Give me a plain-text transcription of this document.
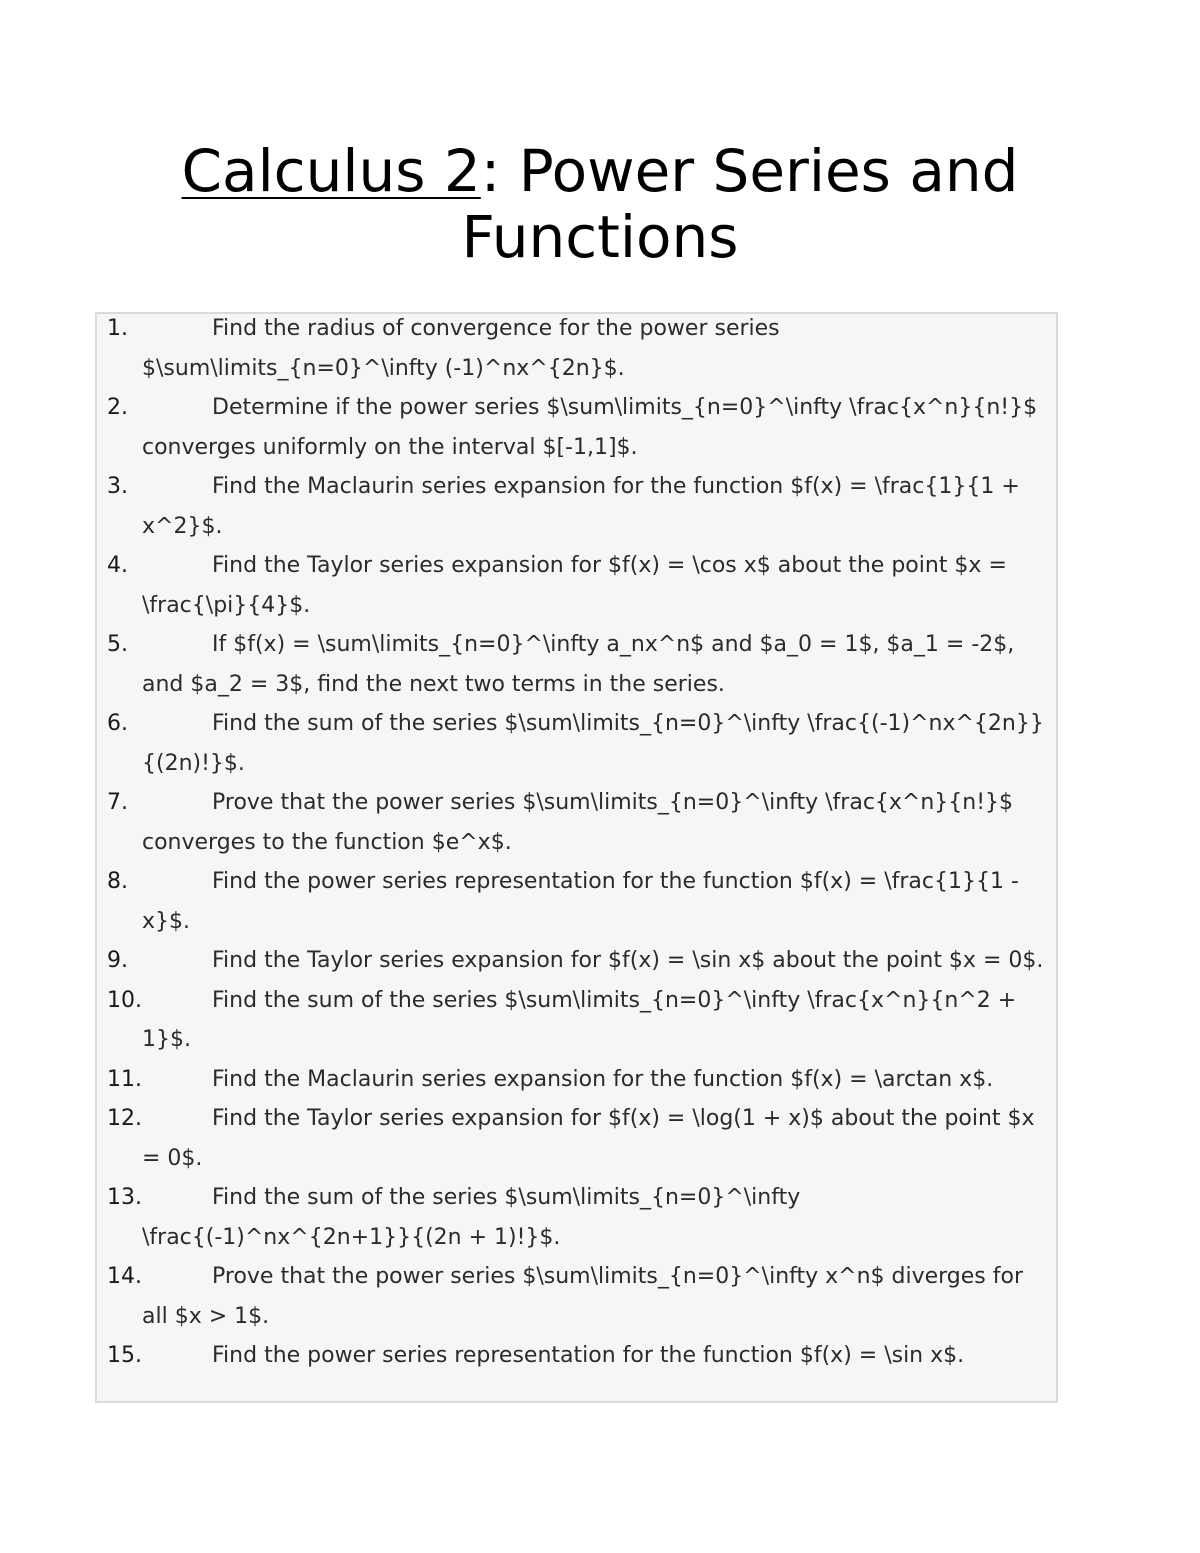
Calculus 2: Power Series and Functions
1.	Find the radius of convergence for the power series $\sum\limits_{n=0}^\infty (-1)^nx^{2n}$.
2.	Determine if the power series $\sum\limits_{n=0}^\infty \frac{x^n}{n!}$ converges uniformly on the interval $[-1,1]$.
3.	Find the Maclaurin series expansion for the function $f(x) = \frac{1}{1 + x^2}$.
4.	Find the Taylor series expansion for $f(x) = \cos x$ about the point $x = \frac{\pi}{4}$.
5.	If $f(x) = \sum\limits_{n=0}^\infty a_nx^n$ and $a_0 = 1$, $a_1 = -2$, and $a_2 = 3$, find the next two terms in the series.
6.	Find the sum of the series $\sum\limits_{n=0}^\infty \frac{(-1)^nx^{2n}}{(2n)!}$.
7.	Prove that the power series $\sum\limits_{n=0}^\infty \frac{x^n}{n!}$ converges to the function $e^x$.
8.	Find the power series representation for the function $f(x) = \frac{1}{1 - x}$.
9.	Find the Taylor series expansion for $f(x) = \sin x$ about the point $x = 0$.
10.	Find the sum of the series $\sum\limits_{n=0}^\infty \frac{x^n}{n^2 + 1}$.
11.	Find the Maclaurin series expansion for the function $f(x) = \arctan x$.
12.	Find the Taylor series expansion for $f(x) = \log(1 + x)$ about the point $x = 0$.
13.	Find the sum of the series $\sum\limits_{n=0}^\infty \frac{(-1)^nx^{2n+1}}{(2n + 1)!}$.
14.	Prove that the power series $\sum\limits_{n=0}^\infty x^n$ diverges for all $x > 1$.
15.	Find the power series representation for the function $f(x) = \sin x$.
